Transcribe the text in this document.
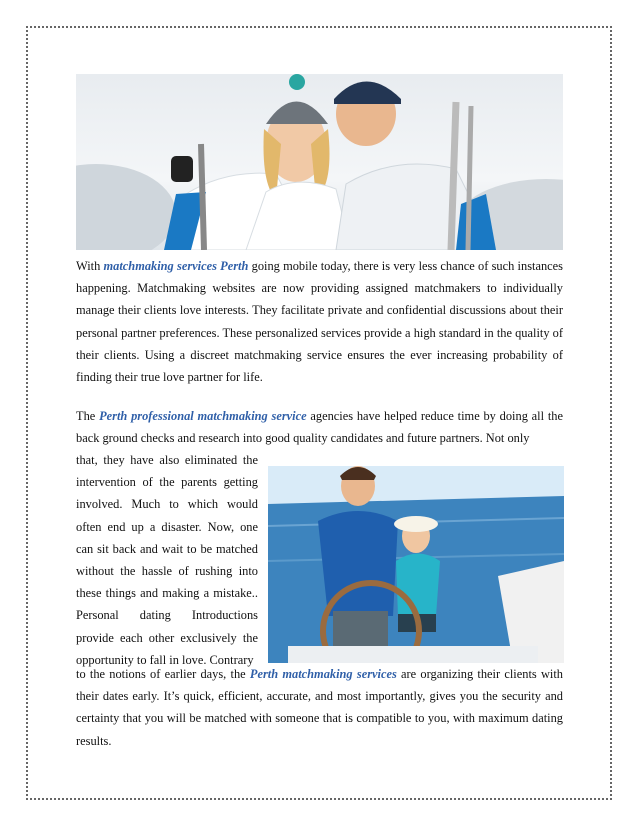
With matchmaking services Perth going mobile today, there is very less chance of such instances happening. Matchmaking websites are now providing assigned matchmakers to individually manage their clients love interests. They facilitate private and confidential discussions about their personal partner preferences. These personalized services provide a high standard in the quality of their clients. Using a discreet matchmaking service ensures the ever increasing probability of finding their true love partner for life.

The Perth professional matchmaking service agencies have helped reduce time by doing all the back ground checks and research into good quality candidates and future partners. Not only

that, they have also eliminated the intervention of the parents getting involved. Much to which would often end up a disaster. Now, one can sit back and wait to be matched without the hassle of rushing into these things and making a mistake.. Personal dating Introductions provide each other exclusively the opportunity to fall in love. Contrary

to the notions of earlier days, the Perth matchmaking services are organizing their clients with their dates early. It’s quick, efficient, accurate, and most importantly, gives you the security and certainty that you will be matched with someone that is compatible to you, with maximum dating results.
